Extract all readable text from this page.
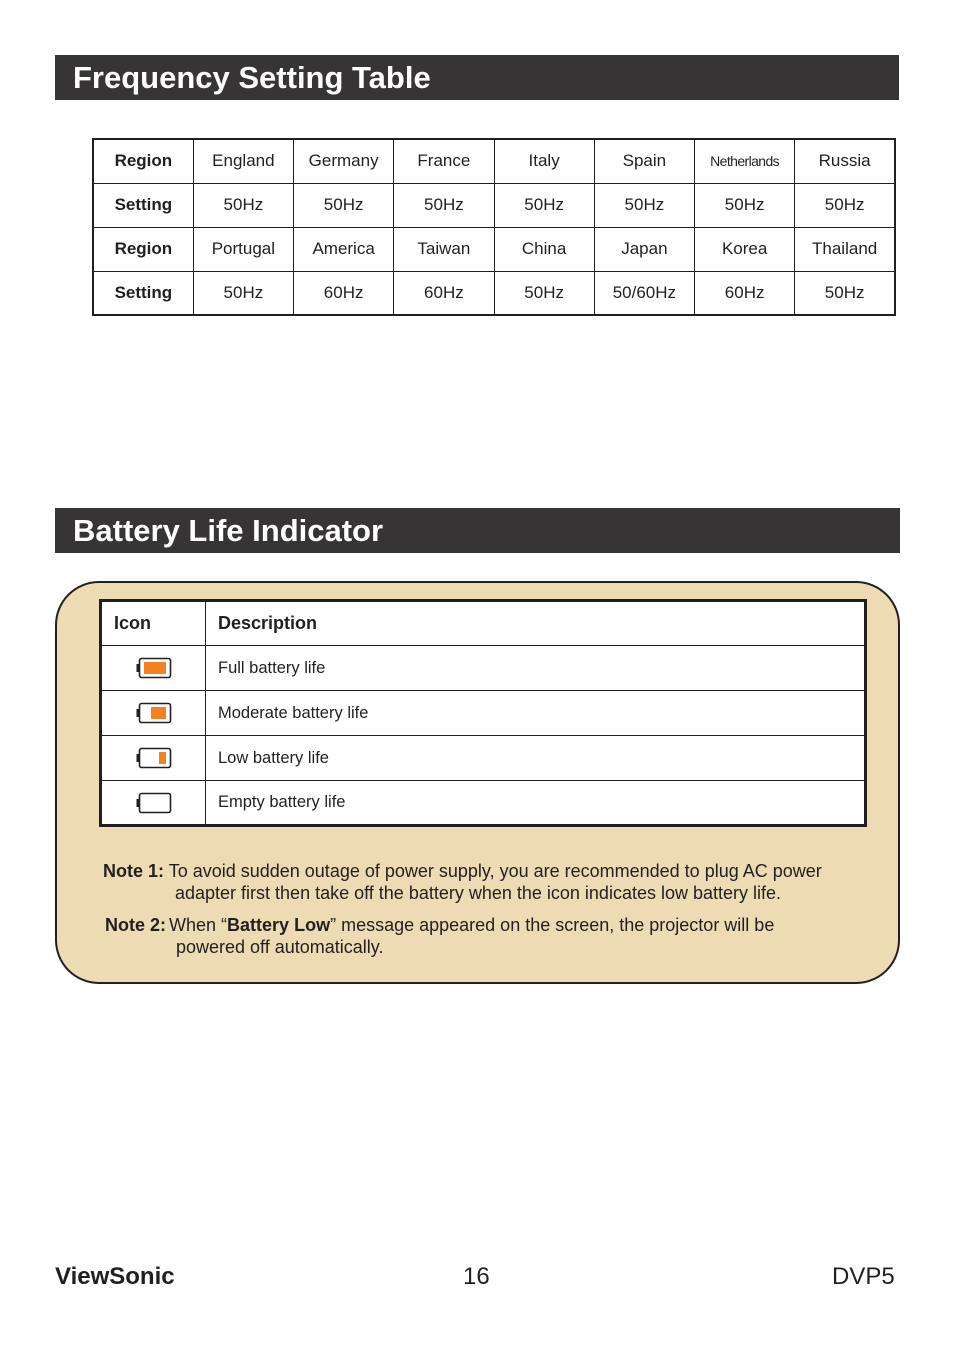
Frequency Setting Table
Region	England	Germany	France	Italy	Spain	Netherlands	Russia
Setting	50Hz	50Hz	50Hz	50Hz	50Hz	50Hz	50Hz
Region	Portugal	America	Taiwan	China	Japan	Korea	Thailand
Setting	50Hz	60Hz	60Hz	50Hz	50/60Hz	60Hz	50Hz
Battery Life Indicator
Icon	Description
	Full battery life
	Moderate battery life
	Low battery life
	Empty battery life
Note 1: To avoid sudden outage of power supply, you are recommended to plug AC power
adapter first then take off the battery when the icon indicates low battery life.
Note 2: When “Battery Low” message appeared on the screen, the projector will be
powered off automatically.
ViewSonic	16	DVP5
